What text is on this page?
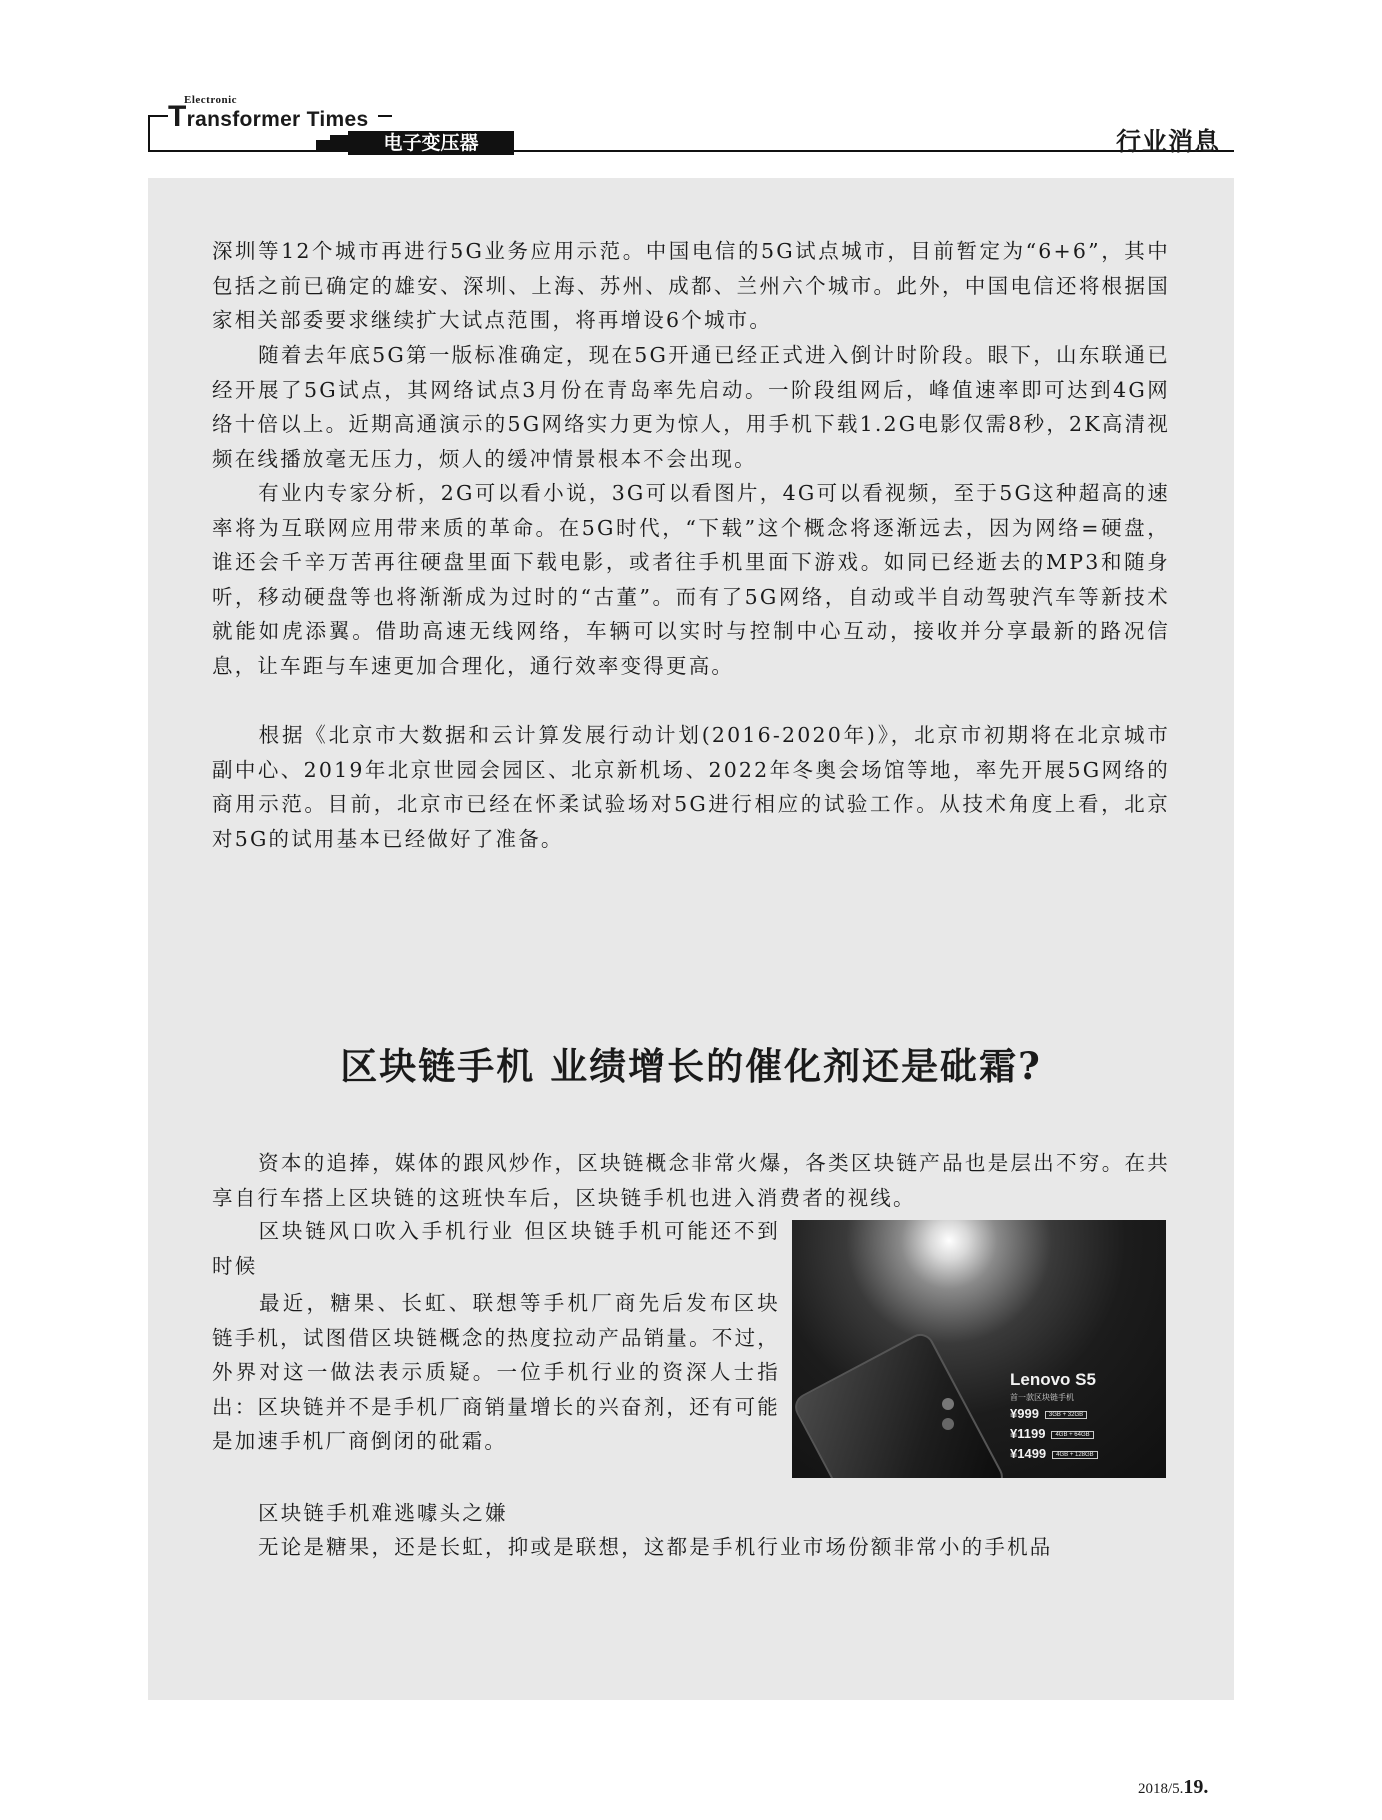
Electronic
Transformer Times
电子变压器	行业消息

深圳等12个城市再进行5G业务应用示范。中国电信的5G试点城市，目前暂定为“6+6”，其中包括之前已确定的雄安、深圳、上海、苏州、成都、兰州六个城市。此外，中国电信还将根据国家相关部委要求继续扩大试点范围，将再增设6个城市。

随着去年底5G第一版标准确定，现在5G开通已经正式进入倒计时阶段。眼下，山东联通已经开展了5G试点，其网络试点3月份在青岛率先启动。一阶段组网后，峰值速率即可达到4G网络十倍以上。近期高通演示的5G网络实力更为惊人，用手机下载1.2G电影仅需8秒，2K高清视频在线播放毫无压力，烦人的缓冲情景根本不会出现。

有业内专家分析，2G可以看小说，3G可以看图片，4G可以看视频，至于5G这种超高的速率将为互联网应用带来质的革命。在5G时代，“下载”这个概念将逐渐远去，因为网络=硬盘，谁还会千辛万苦再往硬盘里面下载电影，或者往手机里面下游戏。如同已经逝去的MP3和随身听，移动硬盘等也将渐渐成为过时的“古董”。而有了5G网络，自动或半自动驾驶汽车等新技术就能如虎添翼。借助高速无线网络，车辆可以实时与控制中心互动，接收并分享最新的路况信息，让车距与车速更加合理化，通行效率变得更高。

根据《北京市大数据和云计算发展行动计划(2016-2020年)》，北京市初期将在北京城市副中心、2019年北京世园会园区、北京新机场、2022年冬奥会场馆等地，率先开展5G网络的商用示范。目前，北京市已经在怀柔试验场对5G进行相应的试验工作。从技术角度上看，北京对5G的试用基本已经做好了准备。

区块链手机 业绩增长的催化剂还是砒霜?

资本的追捧，媒体的跟风炒作，区块链概念非常火爆，各类区块链产品也是层出不穷。在共享自行车搭上区块链的这班快车后，区块链手机也进入消费者的视线。

区块链风口吹入手机行业 但区块链手机可能还不到时候

最近，糖果、长虹、联想等手机厂商先后发布区块链手机，试图借区块链概念的热度拉动产品销量。不过，外界对这一做法表示质疑。一位手机行业的资深人士指出：区块链并不是手机厂商销量增长的兴奋剂，还有可能是加速手机厂商倒闭的砒霜。

区块链手机难逃噱头之嫌

无论是糖果，还是长虹，抑或是联想，这都是手机行业市场份额非常小的手机品

Lenovo S5
首一款区块链手机
¥999 3GB + 32GB
¥1199 4GB + 64GB
¥1499 4GB + 128GB
2018/5.19.
